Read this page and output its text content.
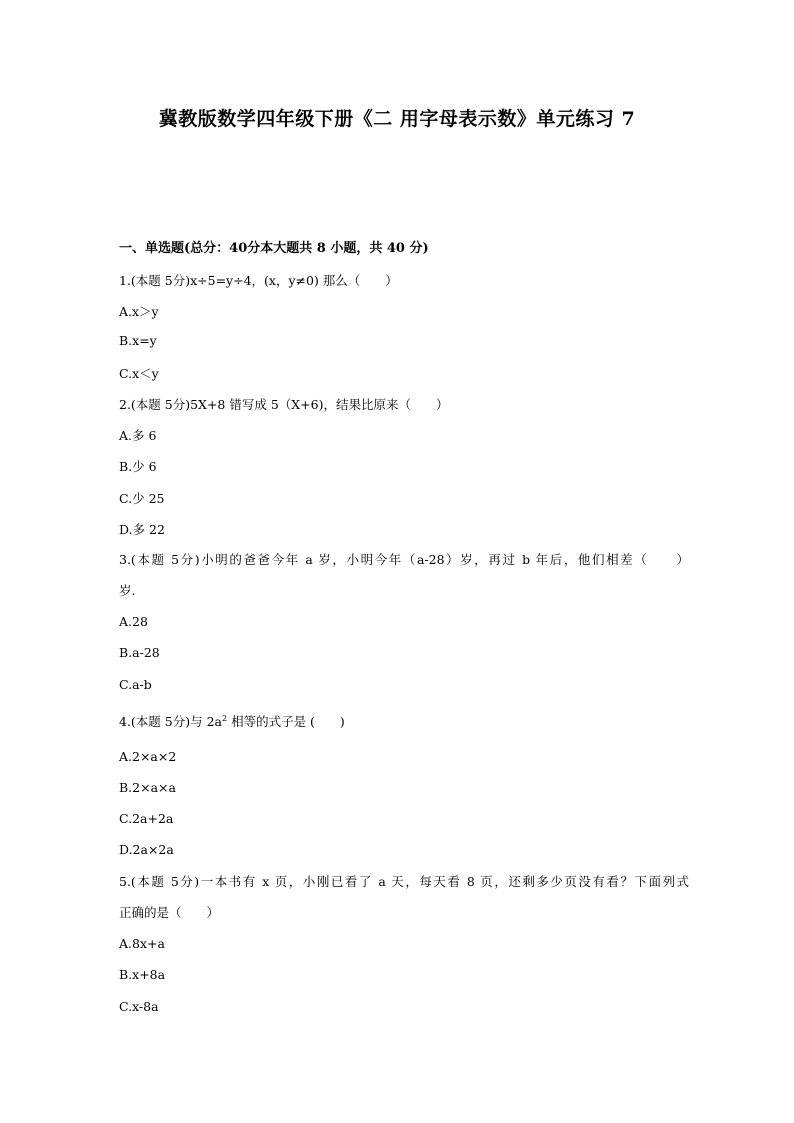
冀教版数学四年级下册《二 用字母表示数》单元练习 7
一、单选题(总分：40分本大题共 8 小题，共 40 分)
1.(本题 5分)x÷5=y÷4，(x，y≠0) 那么（　　）
A.x＞y
B.x=y
C.x＜y
2.(本题 5分)5X+8 错写成 5（X+6)，结果比原来（　　）
A.多 6
B.少 6
C.少 25
D.多 22
3.(本题 5分)小明的爸爸今年 a 岁，小明今年（a-28）岁，再过 b 年后，他们相差（　　）
岁.
A.28
B.a-28
C.a-b
4.(本题 5分)与 $2a^2$ 相等的式子是 (　　)
A.2×a×2
B.2×a×a
C.2a+2a
D.2a×2a
5.(本题 5分)一本书有 x 页，小刚已看了 a 天，每天看 8 页，还剩多少页没有看？下面列式
正确的是（　　）
A.8x+a
B.x+8a
C.x-8a
